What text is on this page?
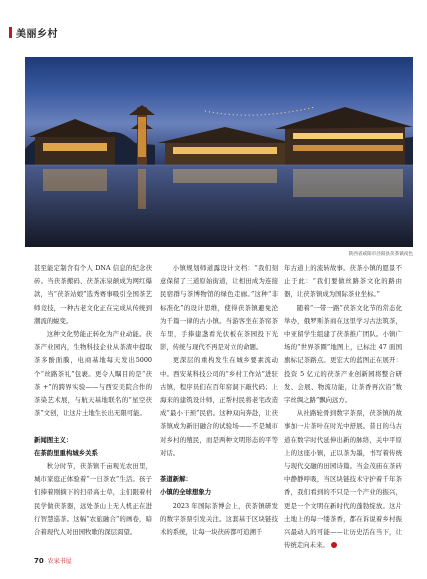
美丽乡村
陕西省咸阳市泾阳县茯茶镇夜色

甚至能定制含有个人 DNA 信息的纪念茯砖。当茯茶搬码、茯茶冻泉颠成为网红爆款，当“茯茶站娘”选秀赛事吸引全国茶艺师竞技，一种古老文化正在完成从传统到潮流的蜕变。

这种文化势能正转化为产业动能。茯茶产业园内，生物科技企业从茶渣中提取茶多酚面膜，电商基地每天发出5000 个“丝路茶礼”包裹。更令人瞩目的是“茯茶 +”的跨界实验——与西安美院合作的茶染艺术展，与航天基地联名的“星空茯茶”文创，让这片土地生长出无限可能。

新闻图主义：
在茶韵里重构城乡关系

秋分时节，茯茶镇千亩观光农田里，城市家庭正体验着“一日茶农”生活。孩子们捧着刚摘下的扫帚高士草，主们跟着村民学做茯茶器，远处茶山上无人机正在进行智慧巡茶。这幅“农旅融合”的画卷，暗合着现代人对田园牧歌的深层渴望。

小镇规划师道露设计文档：“我们刻意保留了三道原始街道，让相田成为连接民宿群与茶博物馆的绿色走廊。”这种“非标准化”的设计思维，使得茯茶镇避免沦为千篇一律的古小镇。当游客坐在茶窑茶车里，手捧建盏看光伏板在茶园投下光影，传统与现代不再是对立的命题。

更深层的重构发生在城乡要素流动中。西安某科技公司的“乡村工作站”进驻古镇，程序员们在百年窑洞下敲代码；上海来的建筑设计师，正帮村民将老宅改造成“最小干预”民宿。这种双向奔赴，让茯茶镇成为新旧融合的试验场——不是城市对乡村的殖民，而是两种文明形态的平等对话。

茶道新解：
小镇的全球想象力

2023 年国际茶博会上，茯茶镇研发的数字茶票引发关注。这套基于区块链技术的系统，让每一块茯砖都可追溯千

年古道上的流转故事。茯茶小镇的愿景不止于此：“我们要做丝路茶文化的路由器，让茯茶镇成为国际茶业坐标。”

随着“一带一路”茯茶文化节的常态化举办，俄罗斯茶商在这里学习古法筑茶，中亚留学生组建了茯茶推广团队。小镇广场的“世界茶圈”地图上，已标注 47 面国旗标记茶路点。更宏大的蓝图正在展开：投资 5 亿元的茯茶产业创新园将整合研发、会展、物流功能，让茶香再次沿“数字丝绸之路”飘向远方。

从社路轮骨到数字茶票，茯茶镇的故事加一片茶叶在时光中舒展。昔日的马古道在数字时代延伸出新的脉络，关中平原上的这座小镇，正以茶为墨，书写着传统与现代交融的田园诗篇。当金茂庙在茶砖中静静呼吸，当区块链技术守护着千年茶香，我们看到的不只是一个产业的振兴，更是一个文明在新时代的蓬勃绽放。这片土地上的每一缕茶香，都在诉说着乡村振兴最动人的可能——让历史活在当下，让传统走向未来。

70 农家书屋
